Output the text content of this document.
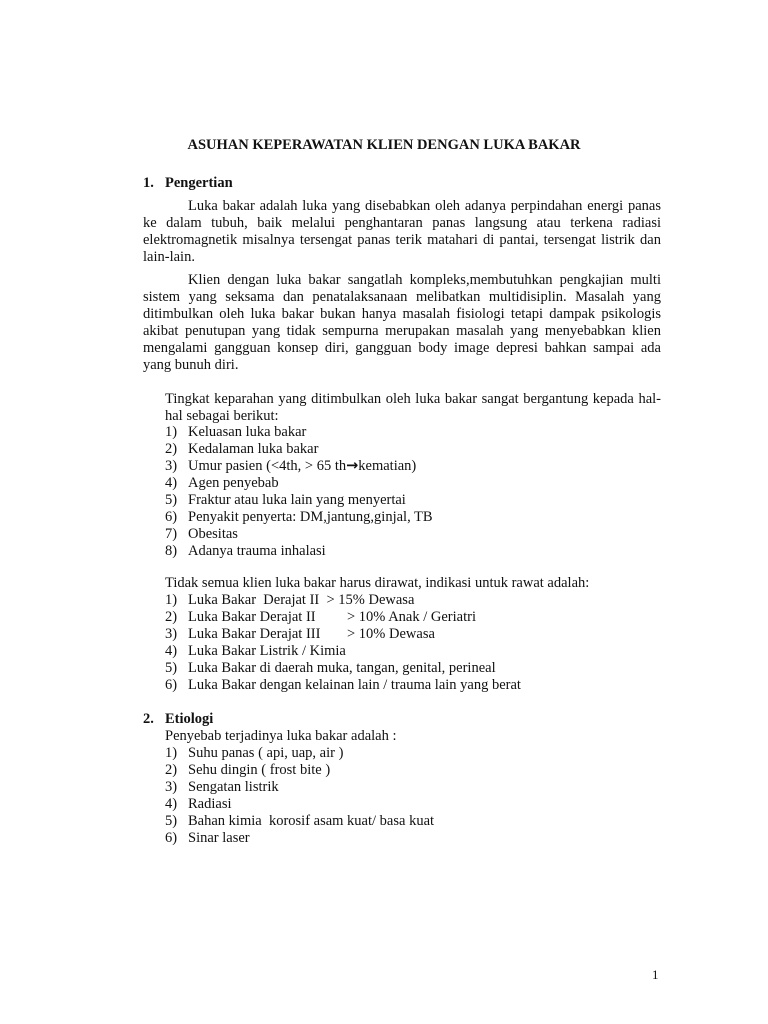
ASUHAN KEPERAWATAN KLIEN DENGAN LUKA BAKAR
1. Pengertian
Luka bakar adalah luka yang disebabkan oleh adanya perpindahan energi panas ke dalam tubuh, baik melalui penghantaran panas langsung atau terkena radiasi elektromagnetik misalnya tersengat panas terik matahari di pantai, tersengat listrik dan lain-lain.
Klien dengan luka bakar sangatlah kompleks,membutuhkan pengkajian multi sistem yang seksama dan penatalaksanaan melibatkan multidisiplin. Masalah yang ditimbulkan oleh luka bakar bukan hanya masalah fisiologi tetapi dampak psikologis akibat penutupan yang tidak sempurna merupakan masalah yang menyebabkan klien mengalami gangguan konsep diri, gangguan body image depresi bahkan sampai ada yang bunuh diri.
Tingkat keparahan yang ditimbulkan oleh luka bakar sangat bergantung kepada hal-hal sebagai berikut:
1) Keluasan luka bakar
2) Kedalaman luka bakar
3) Umur pasien (<4th, > 65 th→kematian)
4) Agen penyebab
5) Fraktur atau luka lain yang menyertai
6) Penyakit penyerta: DM,jantung,ginjal, TB
7) Obesitas
8) Adanya trauma inhalasi
Tidak semua klien luka bakar harus dirawat, indikasi untuk rawat adalah:
1) Luka Bakar  Derajat II  > 15% Dewasa
2) Luka Bakar Derajat II > 10% Anak / Geriatri
3) Luka Bakar Derajat III > 10% Dewasa
4) Luka Bakar Listrik / Kimia
5) Luka Bakar di daerah muka, tangan, genital, perineal
6) Luka Bakar dengan kelainan lain / trauma lain yang berat
2. Etiologi
Penyebab terjadinya luka bakar adalah :
1) Suhu panas ( api, uap, air )
2) Sehu dingin ( frost bite )
3) Sengatan listrik
4) Radiasi
5) Bahan kimia  korosif asam kuat/ basa kuat
6) Sinar laser
1
